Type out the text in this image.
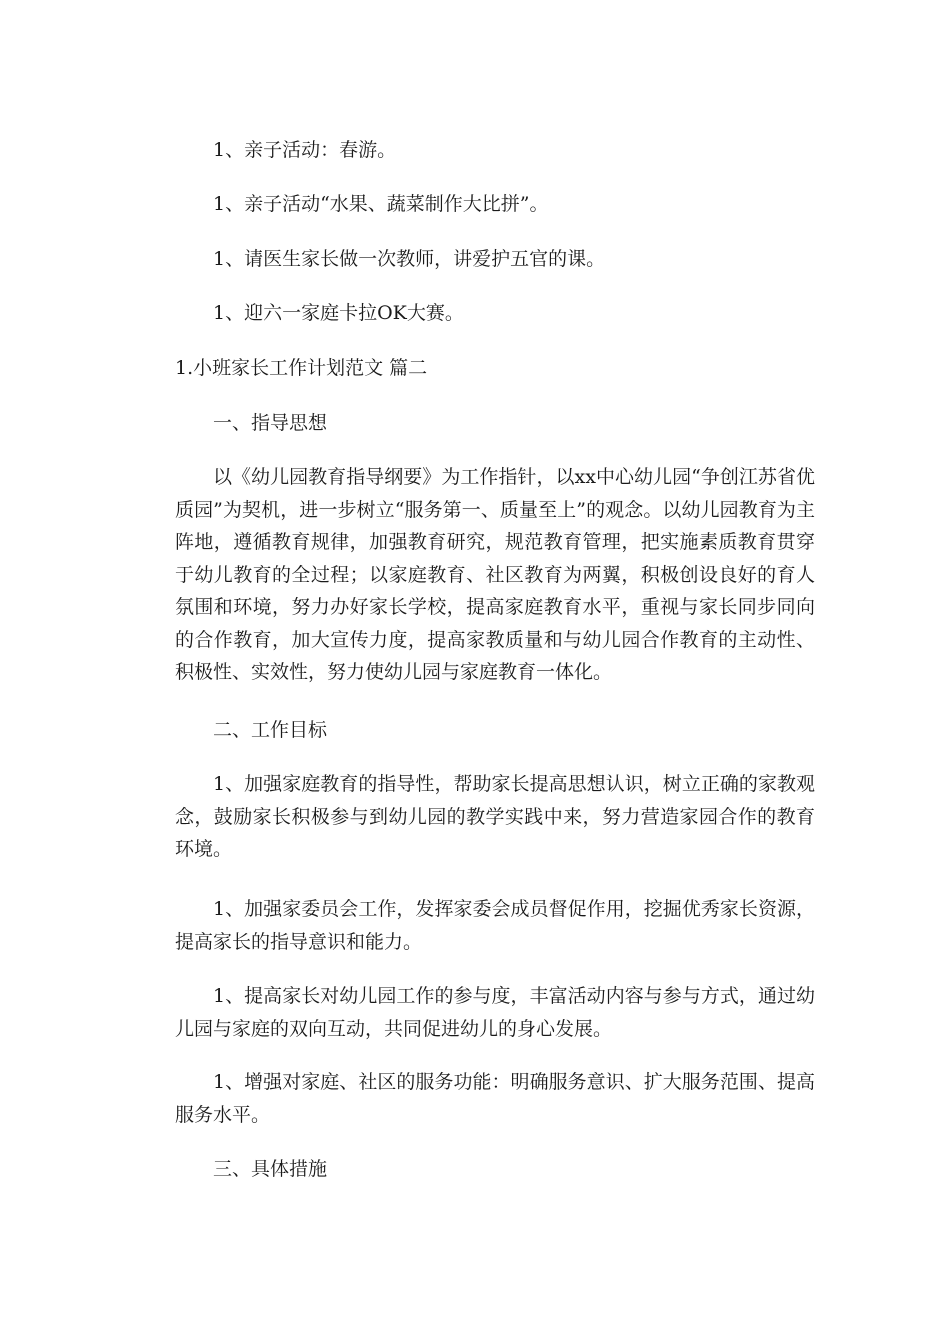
1、亲子活动：春游。
1、亲子活动“水果、蔬菜制作大比拼”。
1、请医生家长做一次教师，讲爱护五官的课。
1、迎六一家庭卡拉OK大赛。
1.小班家长工作计划范文 篇二
一、指导思想
以《幼儿园教育指导纲要》为工作指针，以xx中心幼儿园“争创江苏省优质园”为契机，进一步树立“服务第一、质量至上”的观念。以幼儿园教育为主阵地，遵循教育规律，加强教育研究，规范教育管理，把实施素质教育贯穿于幼儿教育的全过程；以家庭教育、社区教育为两翼，积极创设良好的育人氛围和环境，努力办好家长学校，提高家庭教育水平，重视与家长同步同向的合作教育，加大宣传力度，提高家教质量和与幼儿园合作教育的主动性、积极性、实效性，努力使幼儿园与家庭教育一体化。
二、工作目标
1、加强家庭教育的指导性，帮助家长提高思想认识，树立正确的家教观念，鼓励家长积极参与到幼儿园的教学实践中来，努力营造家园合作的教育环境。
1、加强家委员会工作，发挥家委会成员督促作用，挖掘优秀家长资源，提高家长的指导意识和能力。
1、提高家长对幼儿园工作的参与度，丰富活动内容与参与方式，通过幼儿园与家庭的双向互动，共同促进幼儿的身心发展。
1、增强对家庭、社区的服务功能：明确服务意识、扩大服务范围、提高服务水平。
三、具体措施
